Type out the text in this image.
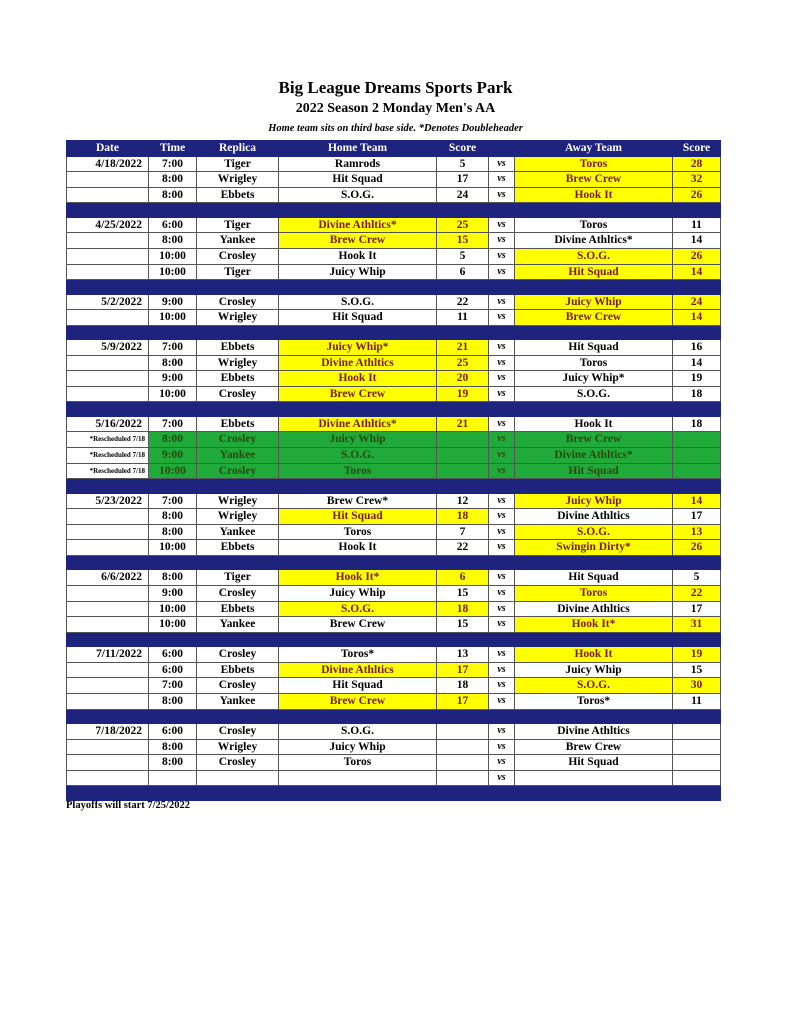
Big League Dreams Sports Park
2022 Season 2 Monday Men's AA
Home team sits on third base side. *Denotes Doubleheader
Date	Time	Replica	Home Team	Score		Away Team	Score
4/18/2022	7:00	Tiger	Ramrods	5	vs	Toros	28
	8:00	Wrigley	Hit Squad	17	vs	Brew Crew	32
	8:00	Ebbets	S.O.G.	24	vs	Hook It	26

4/25/2022	6:00	Tiger	Divine Athltics*	25	vs	Toros	11
	8:00	Yankee	Brew Crew	15	vs	Divine Athltics*	14
	10:00	Crosley	Hook It	5	vs	S.O.G.	26
	10:00	Tiger	Juicy Whip	6	vs	Hit Squad	14

5/2/2022	9:00	Crosley	S.O.G.	22	vs	Juicy Whip	24
	10:00	Wrigley	Hit Squad	11	vs	Brew Crew	14

5/9/2022	7:00	Ebbets	Juicy Whip*	21	vs	Hit Squad	16
	8:00	Wrigley	Divine Athltics	25	vs	Toros	14
	9:00	Ebbets	Hook It	20	vs	Juicy Whip*	19
	10:00	Crosley	Brew Crew	19	vs	S.O.G.	18

5/16/2022	7:00	Ebbets	Divine Athltics*	21	vs	Hook It	18
*Rescheduled 7/18	8:00	Crosley	Juicy Whip		vs	Brew Crew	
*Rescheduled 7/18	9:00	Yankee	S.O.G.		vs	Divine Athltics*	
*Rescheduled 7/18	10:00	Crosley	Toros		vs	Hit Squad	

5/23/2022	7:00	Wrigley	Brew Crew*	12	vs	Juicy Whip	14
	8:00	Wrigley	Hit Squad	18	vs	Divine Athltics	17
	8:00	Yankee	Toros	7	vs	S.O.G.	13
	10:00	Ebbets	Hook It	22	vs	Swingin Dirty*	26

6/6/2022	8:00	Tiger	Hook It*	6	vs	Hit Squad	5
	9:00	Crosley	Juicy Whip	15	vs	Toros	22
	10:00	Ebbets	S.O.G.	18	vs	Divine Athltics	17
	10:00	Yankee	Brew Crew	15	vs	Hook It*	31

7/11/2022	6:00	Crosley	Toros*	13	vs	Hook It	19
	6:00	Ebbets	Divine Athltics	17	vs	Juicy Whip	15
	7:00	Crosley	Hit Squad	18	vs	S.O.G.	30
	8:00	Yankee	Brew Crew	17	vs	Toros*	11

7/18/2022	6:00	Crosley	S.O.G.		vs	Divine Athltics	
	8:00	Wrigley	Juicy Whip		vs	Brew Crew	
	8:00	Crosley	Toros		vs	Hit Squad	
					vs		

Playoffs will start 7/25/2022
